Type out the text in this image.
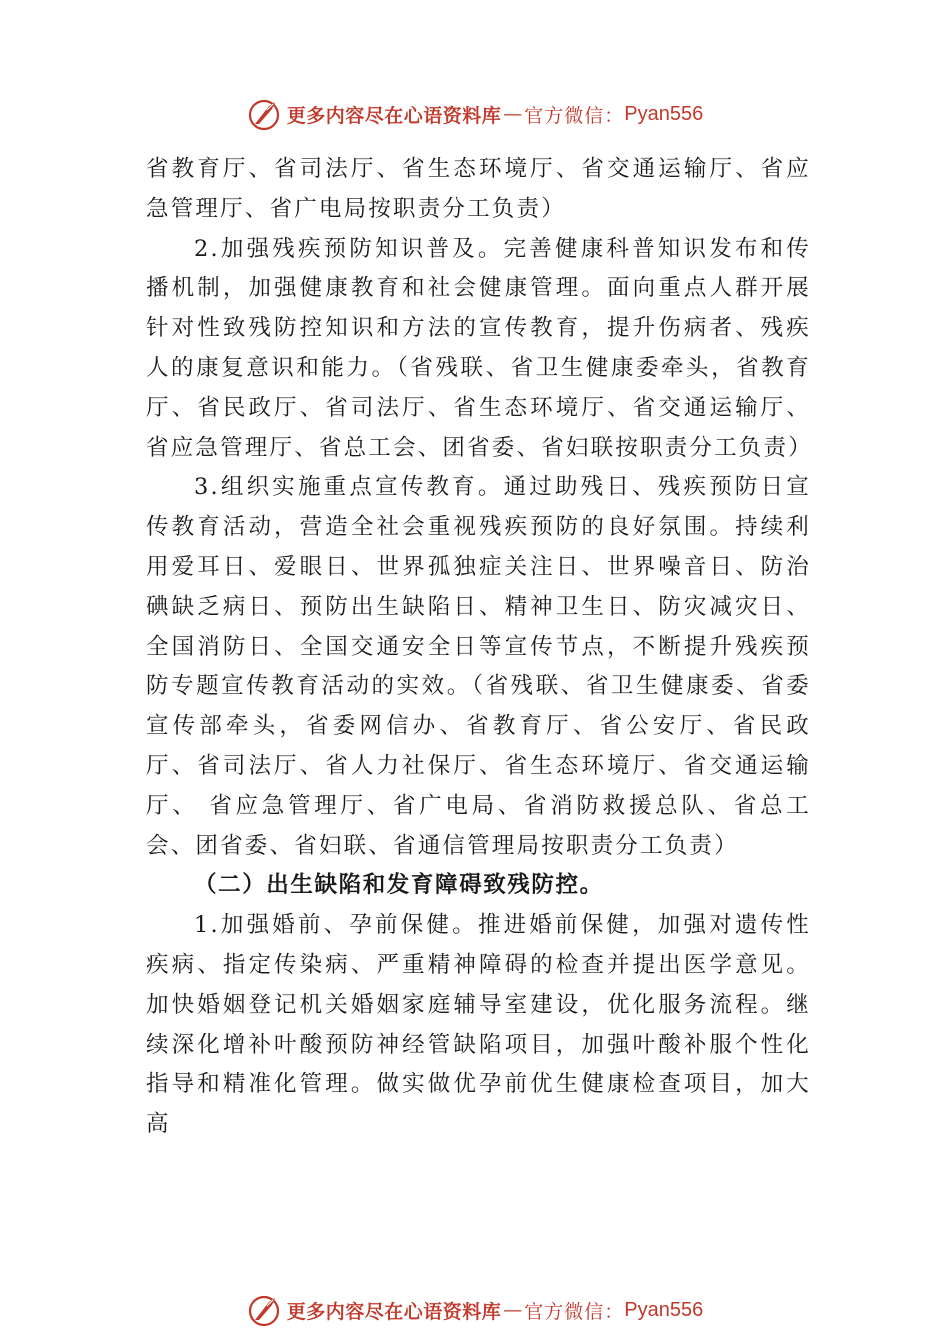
更多内容尽在心语资料库 — 官方微信： Pyan556

省教育厅、省司法厅、省生态环境厅、省交通运输厅、省应急管理厅、省广电局按职责分工负责）

2.加强残疾预防知识普及。完善健康科普知识发布和传播机制，加强健康教育和社会健康管理。面向重点人群开展针对性致残防控知识和方法的宣传教育，提升伤病者、残疾人的康复意识和能力。（省残联、省卫生健康委牵头，省教育厅、省民政厅、省司法厅、省生态环境厅、省交通运输厅、 省应急管理厅、省总工会、团省委、省妇联按职责分工负责）

3.组织实施重点宣传教育。通过助残日、残疾预防日宣传教育活动，营造全社会重视残疾预防的良好氛围。持续利用爱耳日、爱眼日、世界孤独症关注日、世界噪音日、防治碘缺乏病日、预防出生缺陷日、精神卫生日、防灾减灾日、 全国消防日、全国交通安全日等宣传节点，不断提升残疾预防专题宣传教育活动的实效。（省残联、省卫生健康委、省委宣传部牵头，省委网信办、省教育厅、省公安厅、省民政厅、省司法厅、省人力社保厅、省生态环境厅、省交通运输厅、 省应急管理厅、省广电局、省消防救援总队、省总工会、团省委、省妇联、省通信管理局按职责分工负责）

（二）出生缺陷和发育障碍致残防控。

1.加强婚前、孕前保健。推进婚前保健，加强对遗传性疾病、指定传染病、严重精神障碍的检查并提出医学意见。加快婚姻登记机关婚姻家庭辅导室建设，优化服务流程。继续深化增补叶酸预防神经管缺陷项目，加强叶酸补服个性化指导和精准化管理。做实做优孕前优生健康检查项目，加大高

更多内容尽在心语资料库 — 官方微信： Pyan556
